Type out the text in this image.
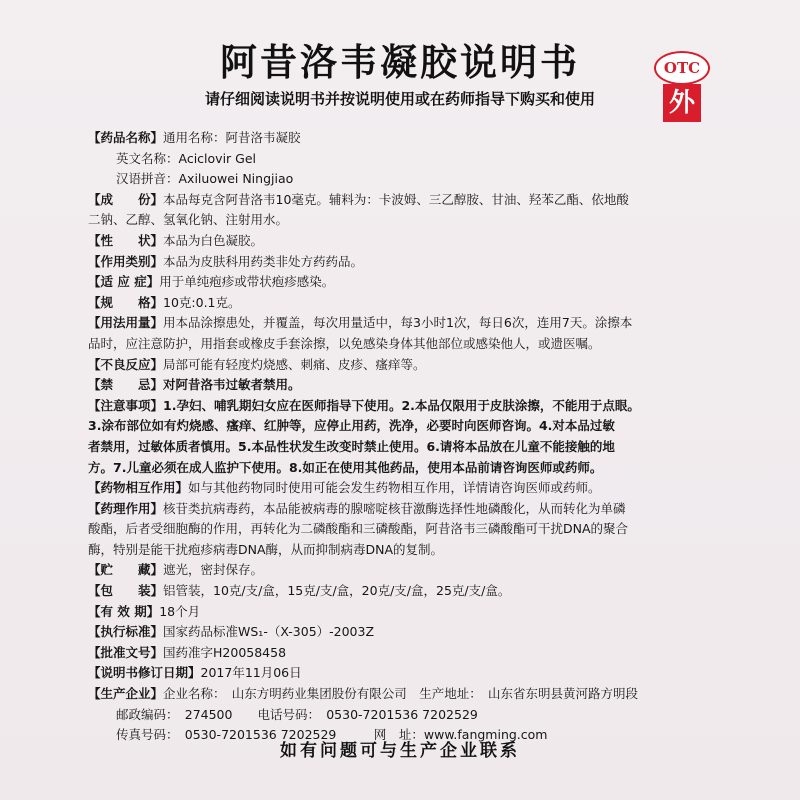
阿昔洛韦凝胶说明书
请仔细阅读说明书并按说明使用或在药师指导下购买和使用
OTC
外
【药品名称】通用名称：阿昔洛韦凝胶
英文名称：Aciclovir Gel
汉语拼音：Axiluowei Ningjiao
【成　　份】本品每克含阿昔洛韦10毫克。辅料为：卡波姆、三乙醇胺、甘油、羟苯乙酯、依地酸
二钠、乙醇、氢氧化钠、注射用水。
【性　　状】本品为白色凝胶。
【作用类别】本品为皮肤科用药类非处方药药品。
【适 应 症】用于单纯疱疹或带状疱疹感染。
【规　　格】10克:0.1克。
【用法用量】用本品涂擦患处，并覆盖，每次用量适中，每3小时1次，每日6次，连用7天。涂擦本
品时，应注意防护，用指套或橡皮手套涂擦，以免感染身体其他部位或感染他人，或遗医嘱。
【不良反应】局部可能有轻度灼烧感、刺痛、皮疹、瘙痒等。
【禁　　忌】对阿昔洛韦过敏者禁用。
【注意事项】1.孕妇、哺乳期妇女应在医师指导下使用。2.本品仅限用于皮肤涂擦，不能用于点眼。
3.涂布部位如有灼烧感、瘙痒、红肿等，应停止用药，洗净，必要时向医师咨询。4.对本品过敏
者禁用，过敏体质者慎用。5.本品性状发生改变时禁止使用。6.请将本品放在儿童不能接触的地
方。7.儿童必须在成人监护下使用。8.如正在使用其他药品，使用本品前请咨询医师或药师。
【药物相互作用】如与其他药物同时使用可能会发生药物相互作用，详情请咨询医师或药师。
【药理作用】核苷类抗病毒药，本品能被病毒的腺嘧啶核苷激酶选择性地磷酸化，从而转化为单磷
酸酯，后者受细胞酶的作用，再转化为二磷酸酯和三磷酸酯，阿昔洛韦三磷酸酯可干扰DNA的聚合
酶，特别是能干扰疱疹病毒DNA酶，从而抑制病毒DNA的复制。
【贮　　藏】遮光，密封保存。
【包　　装】铝管装，10克/支/盒，15克/支/盒，20克/支/盒，25克/支/盒。
【有 效 期】18个月
【执行标准】国家药品标准WS₁-（X-305）-2003Z
【批准文号】国药准字H20058458
【说明书修订日期】2017年11月06日
【生产企业】企业名称：　山东方明药业集团股份有限公司　生产地址：　山东省东明县黄河路方明段
邮政编码：　274500　　电话号码：　0530-7201536 7202529
传真号码：　0530-7201536 7202529　　　网　址：www.fangming.com
如有问题可与生产企业联系
